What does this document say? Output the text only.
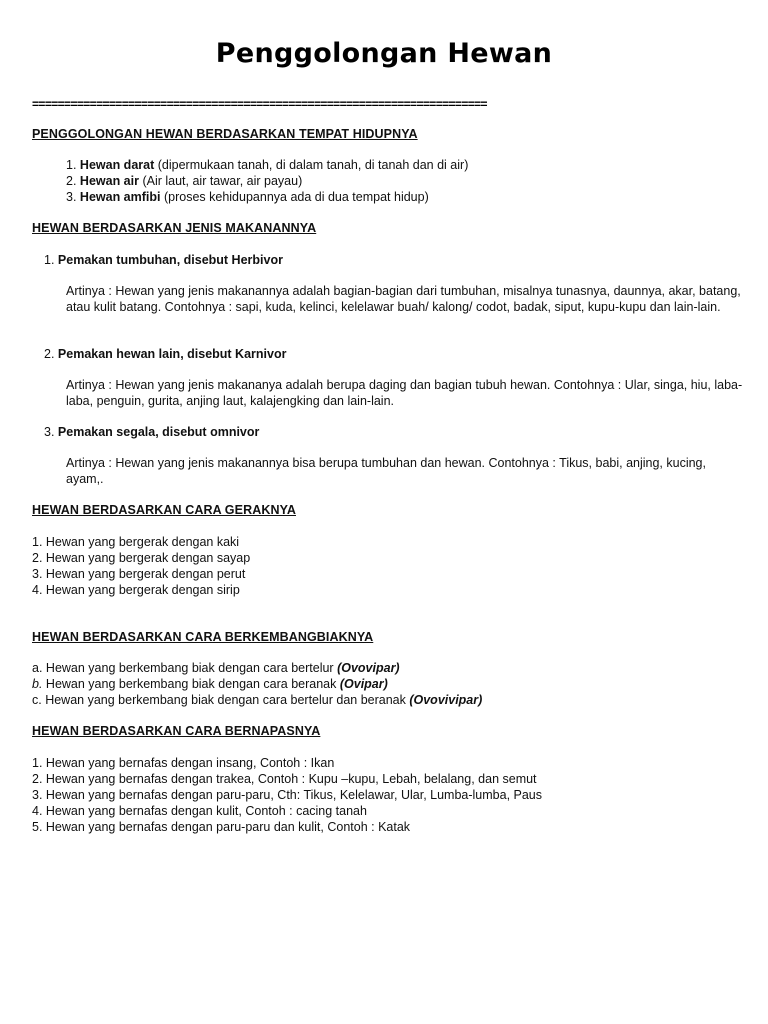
Penggolongan Hewan
=======================================================================
PENGGOLONGAN HEWAN BERDASARKAN TEMPAT HIDUPNYA
1. Hewan darat (dipermukaan tanah, di dalam tanah, di tanah dan di air)
2. Hewan air (Air laut, air tawar, air payau)
3. Hewan amfibi (proses kehidupannya ada di dua tempat hidup)
HEWAN BERDASARKAN JENIS MAKANANNYA
1. Pemakan tumbuhan, disebut Herbivor
Artinya : Hewan yang jenis makanannya adalah bagian-bagian dari tumbuhan, misalnya tunasnya, daunnya, akar, batang, atau kulit batang. Contohnya : sapi, kuda, kelinci, kelelawar buah/ kalong/ codot, badak, siput, kupu-kupu dan lain-lain.
2. Pemakan hewan lain, disebut Karnivor
Artinya : Hewan yang jenis makananya adalah berupa daging dan bagian tubuh hewan. Contohnya : Ular, singa, hiu, laba-laba, penguin, gurita, anjing laut, kalajengking dan lain-lain.
3. Pemakan segala, disebut omnivor
Artinya : Hewan yang jenis makanannya bisa berupa tumbuhan dan hewan. Contohnya : Tikus, babi, anjing, kucing, ayam,.
HEWAN BERDASARKAN CARA GERAKNYA
1. Hewan yang bergerak dengan kaki
2. Hewan yang bergerak dengan sayap
3. Hewan yang bergerak dengan perut
4. Hewan yang bergerak dengan sirip
HEWAN BERDASARKAN CARA BERKEMBANGBIAKNYA
a. Hewan yang berkembang biak dengan cara bertelur (Ovovipar)
b. Hewan yang berkembang biak dengan cara beranak (Ovipar)
c. Hewan yang berkembang biak dengan cara bertelur dan beranak (Ovovivipar)
HEWAN BERDASARKAN CARA BERNAPASNYA
1. Hewan yang bernafas dengan insang, Contoh : Ikan
2. Hewan yang bernafas dengan trakea, Contoh : Kupu –kupu, Lebah, belalang, dan semut
3. Hewan yang bernafas dengan paru-paru, Cth: Tikus, Kelelawar, Ular, Lumba-lumba, Paus
4. Hewan yang bernafas dengan kulit, Contoh : cacing tanah
5. Hewan yang bernafas dengan paru-paru dan kulit, Contoh : Katak
